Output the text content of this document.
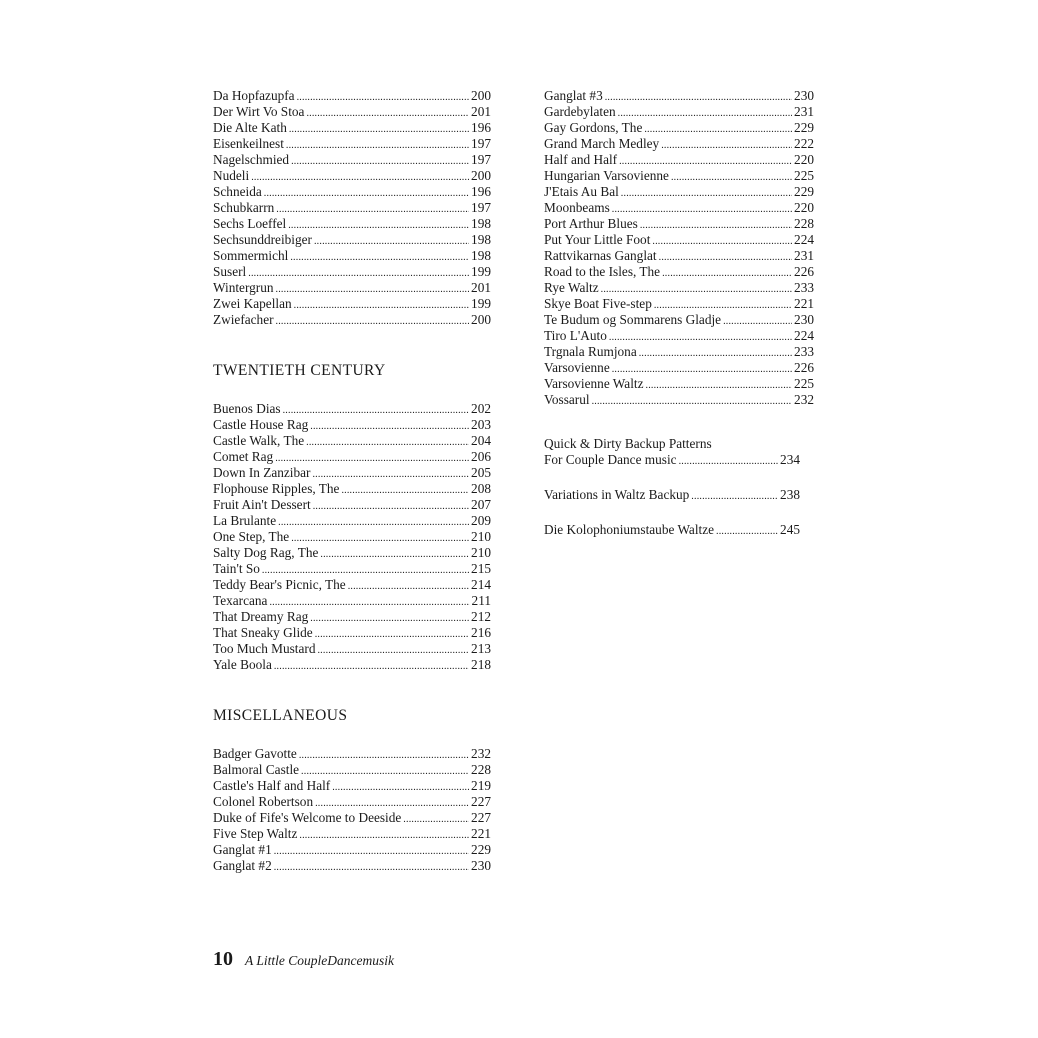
Da Hopfazupfa .....	200
Der Wirt Vo Stoa .....	201
Die Alte Kath .....	196
Eisenkeilnest .....	197
Nagelschmied .....	197
Nudeli .....	200
Schneida .....	196
Schubkarrn .....	197
Sechs Loeffel .....	198
Sechsunddreibiger .....	198
Sommermichl .....	198
Suserl .....	199
Wintergrun .....	201
Zwei Kapellan .....	199
Zwiefacher .....	200
TWENTIETH CENTURY
Buenos Dias .....	202
Castle House Rag .....	203
Castle Walk, The .....	204
Comet Rag .....	206
Down In Zanzibar .....	205
Flophouse Ripples, The .....	208
Fruit Ain't Dessert .....	207
La Brulante .....	209
One Step, The .....	210
Salty Dog Rag, The .....	210
Tain't So .....	215
Teddy Bear's Picnic, The .....	214
Texarcana .....	211
That Dreamy Rag .....	212
That Sneaky Glide .....	216
Too Much Mustard .....	213
Yale Boola .....	218
MISCELLANEOUS
Badger Gavotte .....	232
Balmoral Castle .....	228
Castle's Half and Half .....	219
Colonel Robertson .....	227
Duke of Fife's Welcome to Deeside .....	227
Five Step Waltz .....	221
Ganglat #1 .....	229
Ganglat #2 .....	230
Ganglat #3 .....	230
Gardebylaten .....	231
Gay Gordons, The .....	229
Grand March Medley .....	222
Half and Half .....	220
Hungarian Varsovienne .....	225
J'Etais Au Bal .....	229
Moonbeams .....	220
Port Arthur Blues .....	228
Put Your Little Foot .....	224
Rattvikarnas Ganglat .....	231
Road to the Isles, The .....	226
Rye Waltz .....	233
Skye Boat Five-step .....	221
Te Budum og Sommarens Gladje .....	230
Tiro L'Auto .....	224
Trgnala Rumjona .....	233
Varsovienne .....	226
Varsovienne Waltz .....	225
Vossarul .....	232
Quick & Dirty Backup Patterns
For Couple Dance music .....	234
Variations in Waltz Backup .....	238
Die Kolophoniumstaube Waltze .....	245
10 A Little CoupleDancemusik
